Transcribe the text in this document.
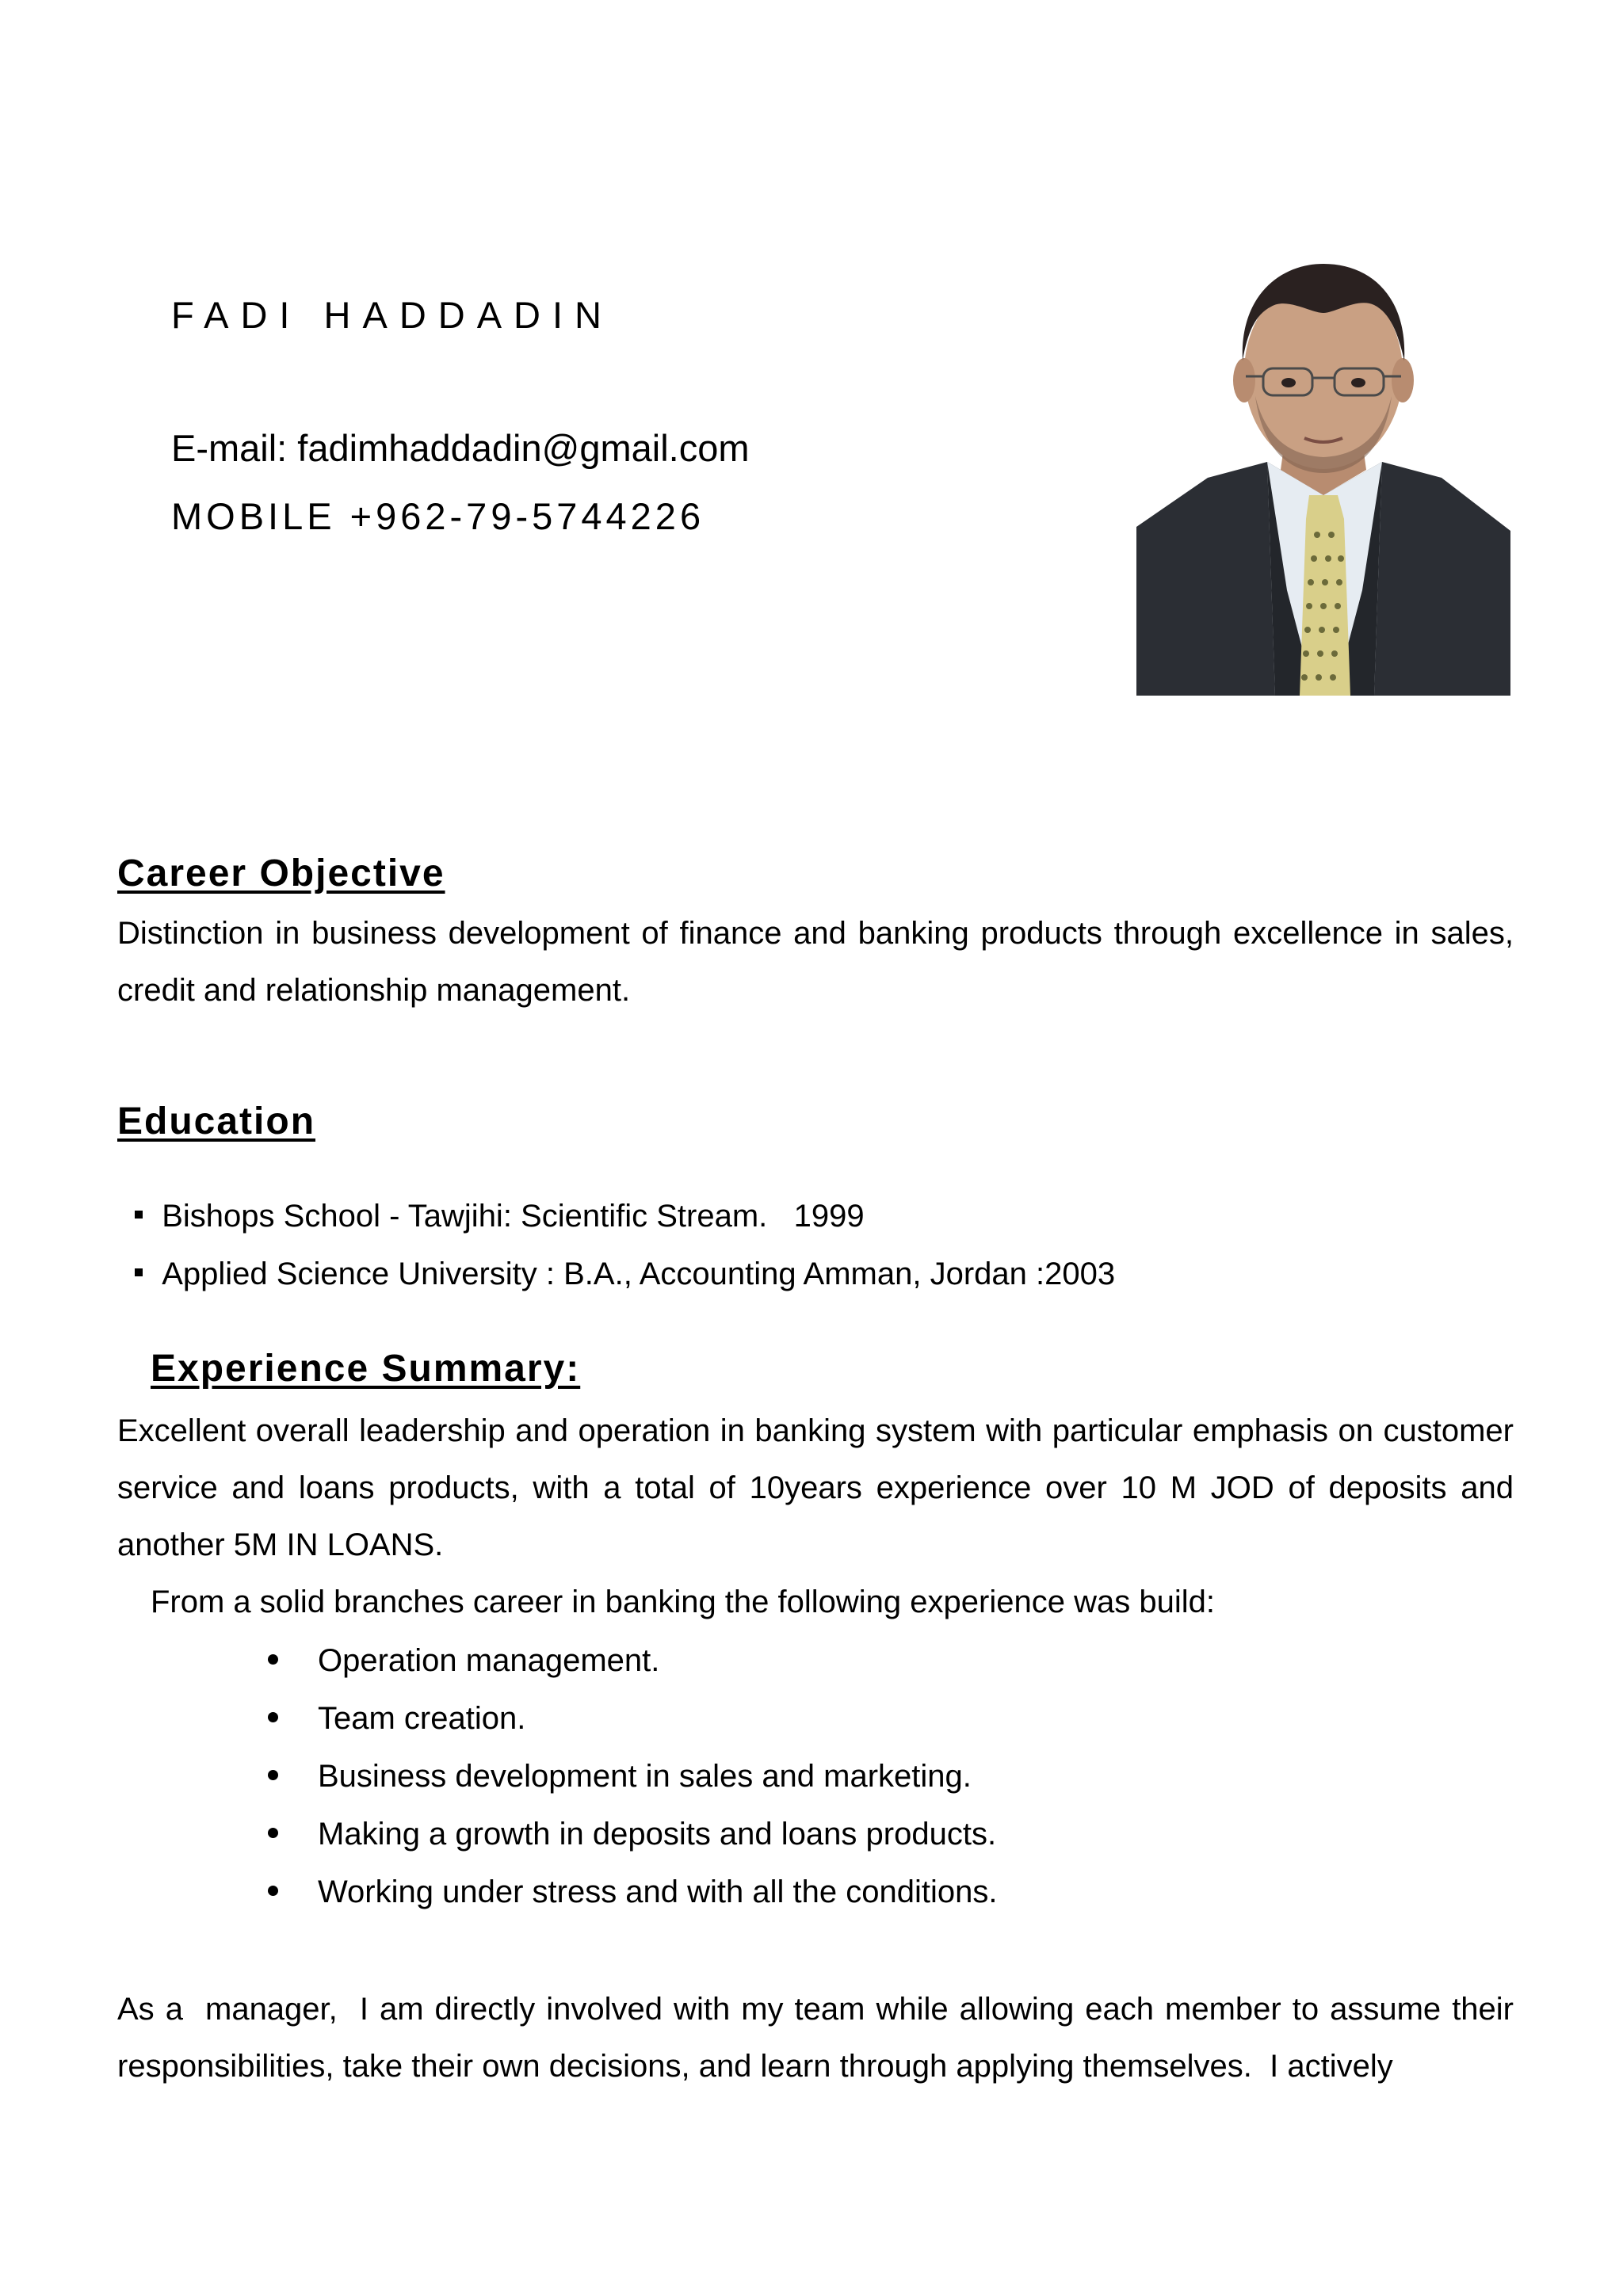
FADI HADDADIN
E-mail: fadimhaddadin@gmail.com
MOBILE +962-79-5744226
Career Objective
Distinction in business development of finance and banking products through excellence in sales, credit and relationship management.
Education

Bishops School - Tawjihi: Scientific Stream.   1999

Applied Science University : B.A., Accounting Amman, Jordan :2003

Experience Summary:
Excellent overall leadership and operation in banking system with particular emphasis on customer service and loans products, with a total of 10years experience over 10 M JOD of deposits and another 5M IN LOANS.
From a solid branches career in banking the following experience was build:
Operation management.
Team creation.
Business development in sales and marketing.
Making a growth in deposits and loans products.
Working under stress and with all the conditions.
As a  manager,  I am directly involved with my team while allowing each member to assume their responsibilities, take their own decisions, and learn through applying themselves.  I actively
